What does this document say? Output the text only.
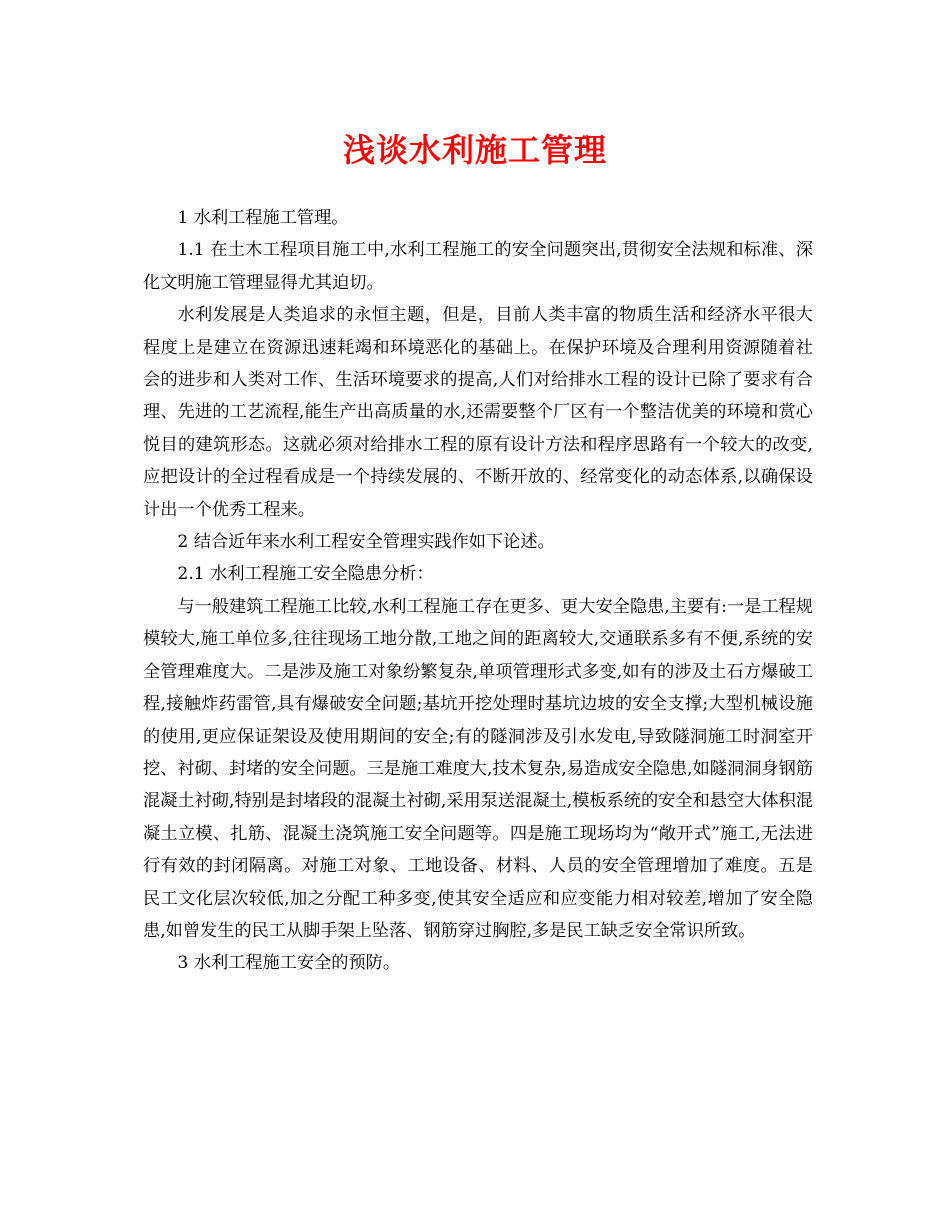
浅谈水利施工管理

1 水利工程施工管理。

1.1 在土木工程项目施工中,水利工程施工的安全问题突出,贯彻安全法规和标准、深化文明施工管理显得尤其迫切。

水利发展是人类追求的永恒主题，但是，目前人类丰富的物质生活和经济水平很大程度上是建立在资源迅速耗竭和环境恶化的基础上。在保护环境及合理利用资源随着社会的进步和人类对工作、生活环境要求的提高,人们对给排水工程的设计已除了要求有合理、先进的工艺流程,能生产出高质量的水,还需要整个厂区有一个整洁优美的环境和赏心悦目的建筑形态。这就必须对给排水工程的原有设计方法和程序思路有一个较大的改变,应把设计的全过程看成是一个持续发展的、不断开放的、经常变化的动态体系,以确保设计出一个优秀工程来。

2 结合近年来水利工程安全管理实践作如下论述。

2.1 水利工程施工安全隐患分析：

与一般建筑工程施工比较,水利工程施工存在更多、更大安全隐患,主要有:一是工程规模较大,施工单位多,往往现场工地分散,工地之间的距离较大,交通联系多有不便,系统的安全管理难度大。二是涉及施工对象纷繁复杂,单项管理形式多变,如有的涉及土石方爆破工程,接触炸药雷管,具有爆破安全问题;基坑开挖处理时基坑边坡的安全支撑;大型机械设施的使用,更应保证架设及使用期间的安全;有的隧洞涉及引水发电,导致隧洞施工时洞室开挖、衬砌、封堵的安全问题。三是施工难度大,技术复杂,易造成安全隐患,如隧洞洞身钢筋混凝土衬砌,特别是封堵段的混凝土衬砌,采用泵送混凝土,模板系统的安全和悬空大体积混凝土立模、扎筋、混凝土浇筑施工安全问题等。四是施工现场均为“敞开式”施工,无法进行有效的封闭隔离。对施工对象、工地设备、材料、人员的安全管理增加了难度。五是民工文化层次较低,加之分配工种多变,使其安全适应和应变能力相对较差,增加了安全隐患,如曾发生的民工从脚手架上坠落、钢筋穿过胸腔,多是民工缺乏安全常识所致。

3 水利工程施工安全的预防。
